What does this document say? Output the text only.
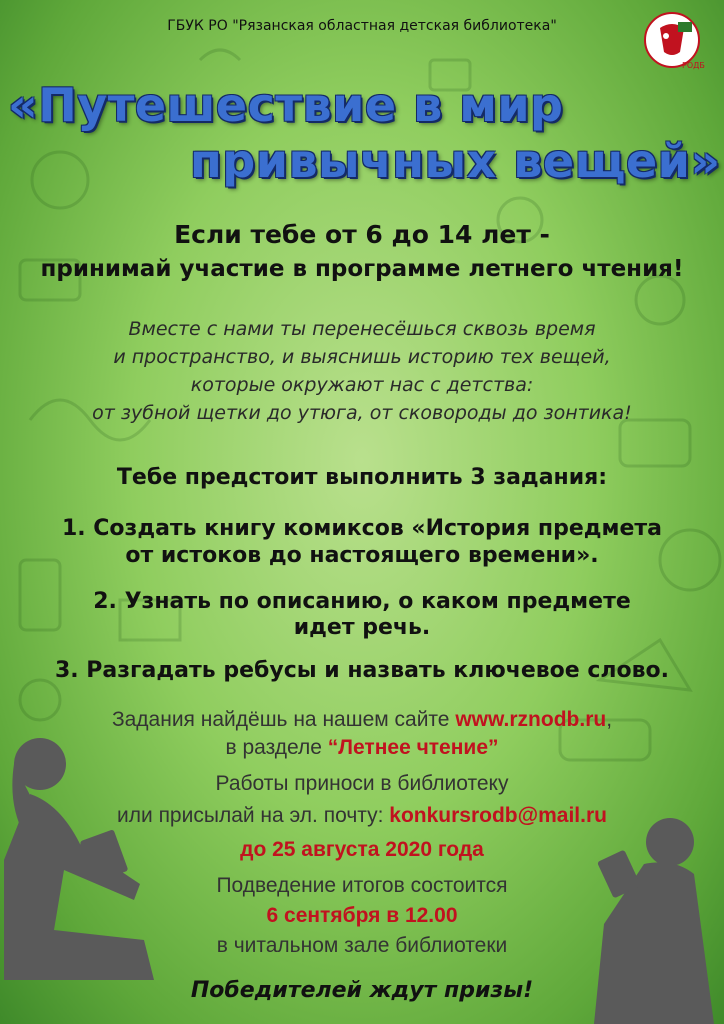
ГБУК РО "Рязанская областная детская библиотека"
РОДБ
«Путешествие в мир
привычных вещей»
Если тебе от 6 до 14 лет -
принимай участие в программе летнего чтения!
Вместе с нами ты перенесёшься сквозь время
и пространство, и выяснишь историю тех вещей,
которые окружают нас с детства:
от зубной щетки до утюга, от сковороды до зонтика!
Тебе предстоит выполнить 3 задания:
1. Создать книгу комиксов «История предмета
от истоков до настоящего времени».
2. Узнать по описанию, о каком предмете
идет речь.
3. Разгадать ребусы и назвать ключевое слово.
Задания найдёшь на нашем сайте www.rznodb.ru,
в разделе “Летнее чтение”
Работы приноси в библиотеку
или присылай на эл. почту: konkursrodb@mail.ru
до 25 августа 2020 года
Подведение итогов состоится
6 сентября в 12.00
в читальном зале библиотеки
Победителей ждут призы!
